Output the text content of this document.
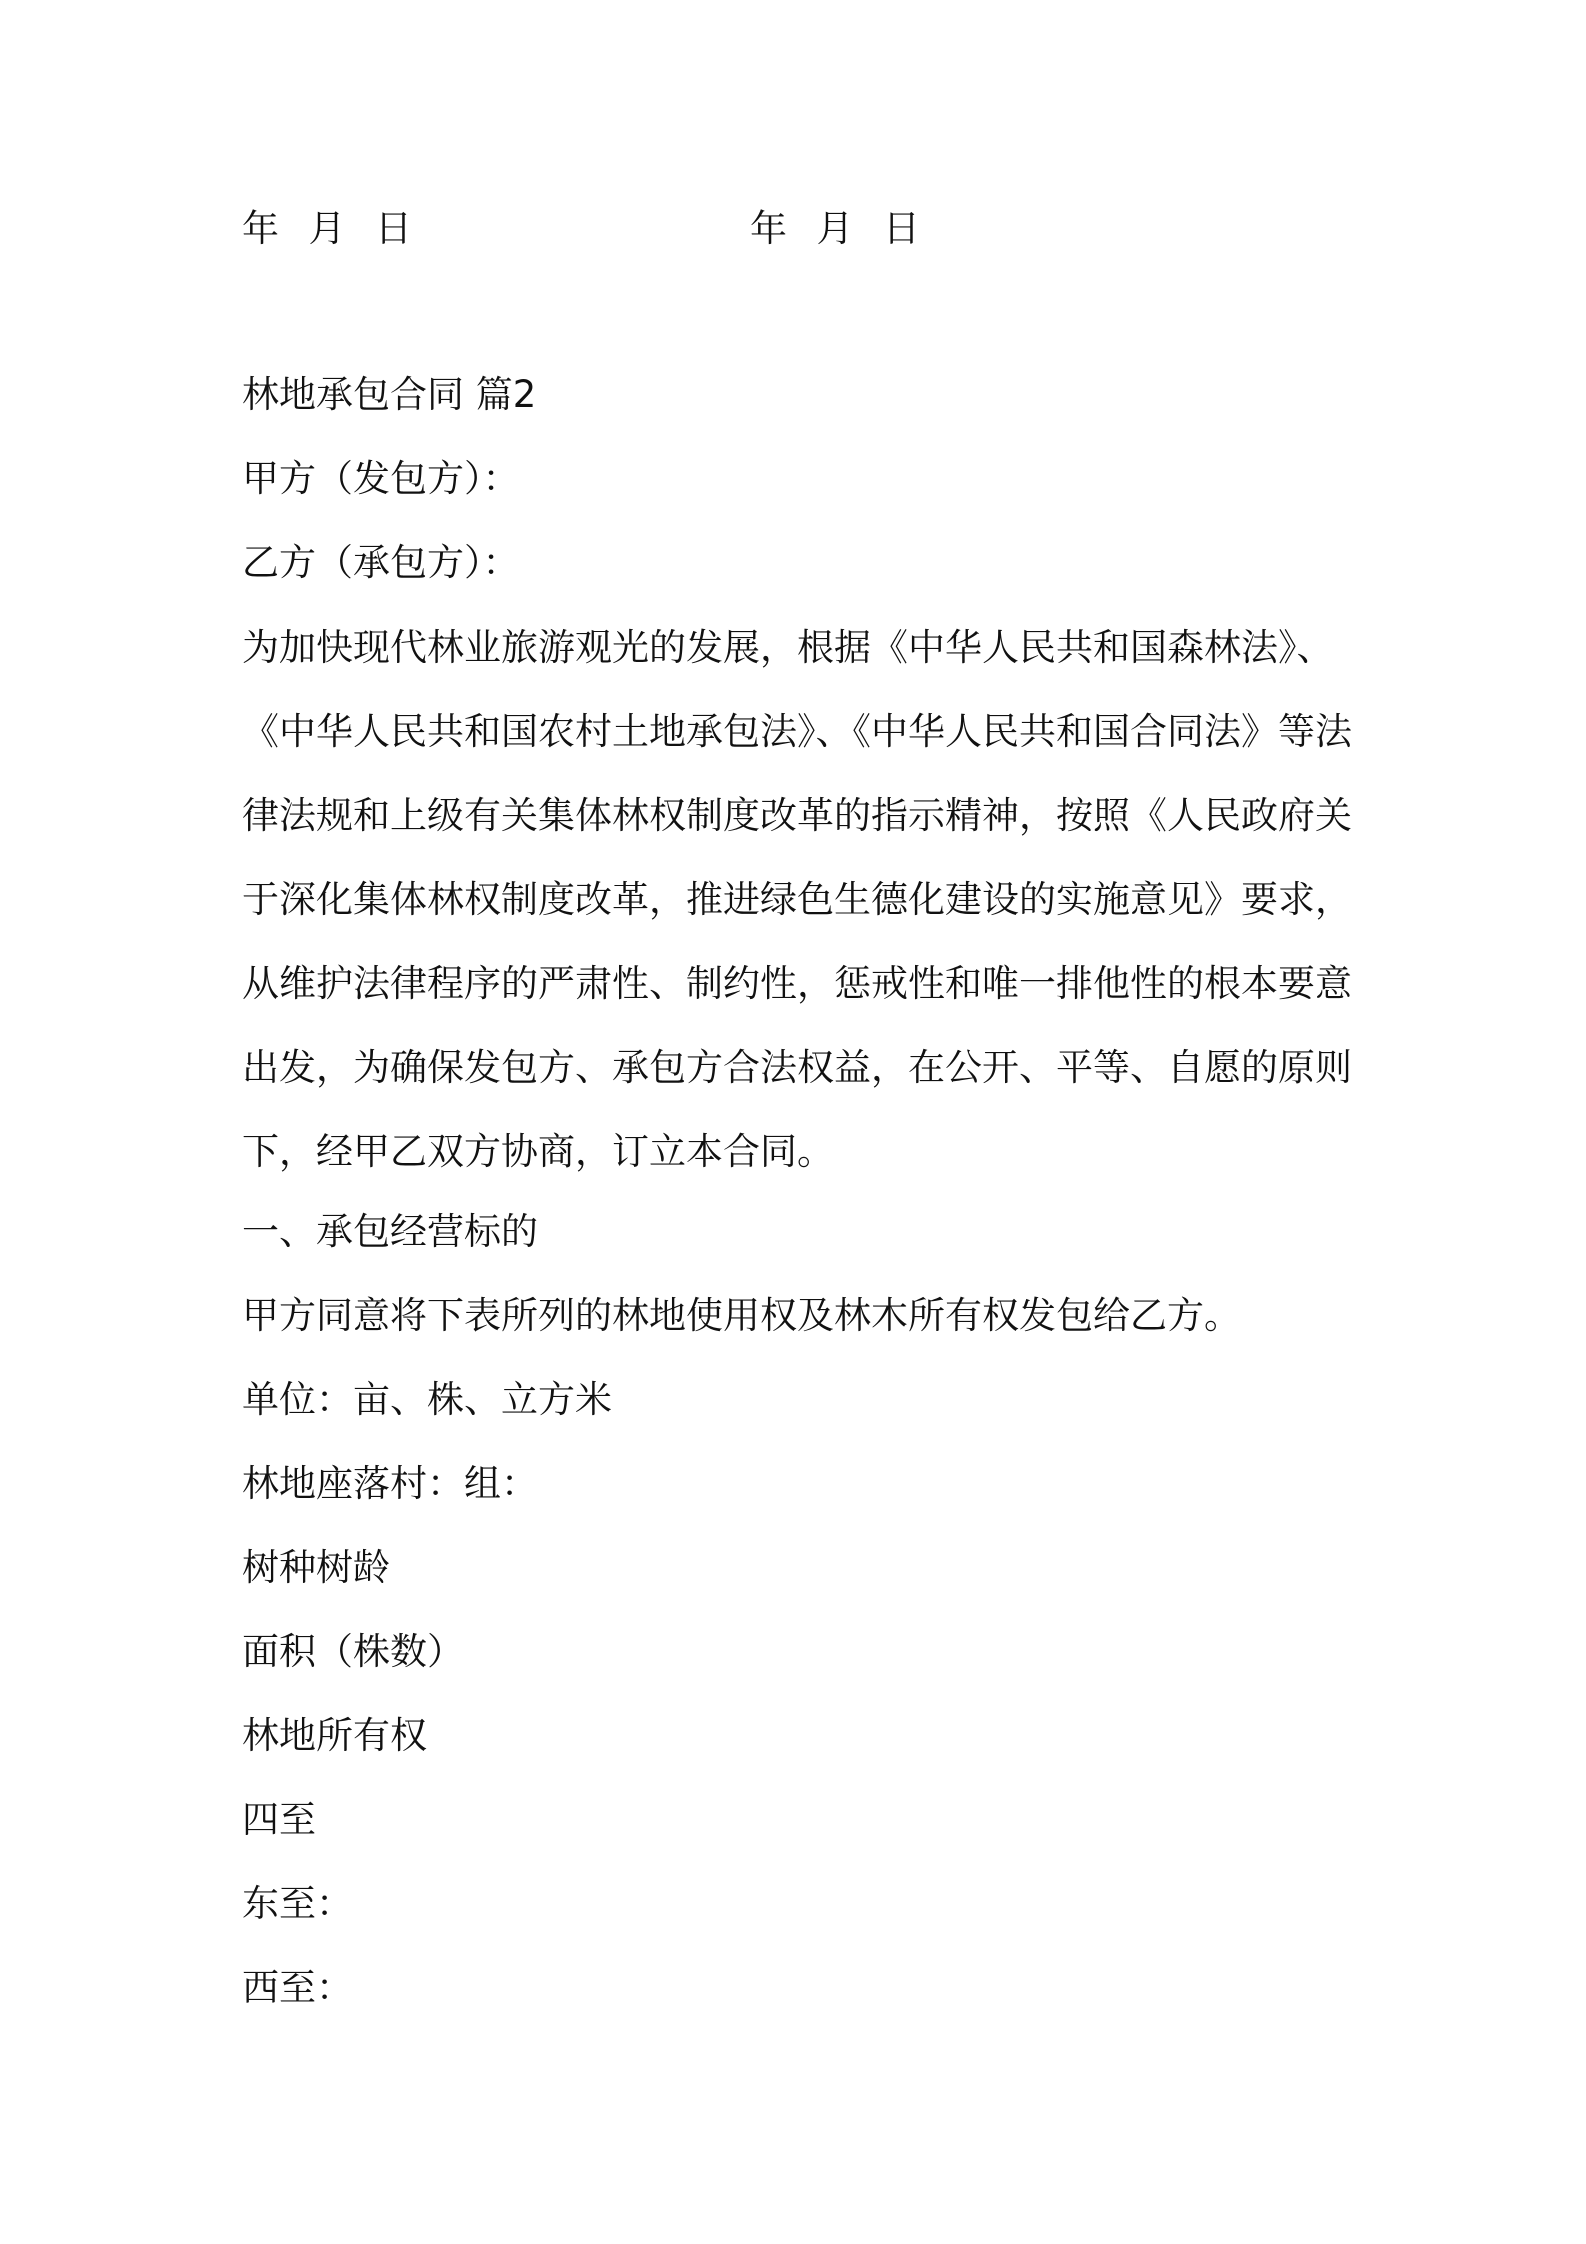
年  月  日

	年  月  日

林地承包合同 篇2
甲方（发包方）：
乙方（承包方）：
为加快现代林业旅游观光的发展，根据《中华人民共和国森林法》、
《中华人民共和国农村土地承包法》、《中华人民共和国合同法》等法
律法规和上级有关集体林权制度改革的指示精神，按照《人民政府关
于深化集体林权制度改革，推进绿色生德化建设的实施意见》要求，
从维护法律程序的严肃性、制约性，惩戒性和唯一排他性的根本要意
出发，为确保发包方、承包方合法权益，在公开、平等、自愿的原则
下，经甲乙双方协商，订立本合同。
一、承包经营标的
甲方同意将下表所列的林地使用权及林木所有权发包给乙方。
单位：亩、株、立方米
林地座落村：组：
树种树龄
面积（株数）
林地所有权
四至
东至：
西至：
